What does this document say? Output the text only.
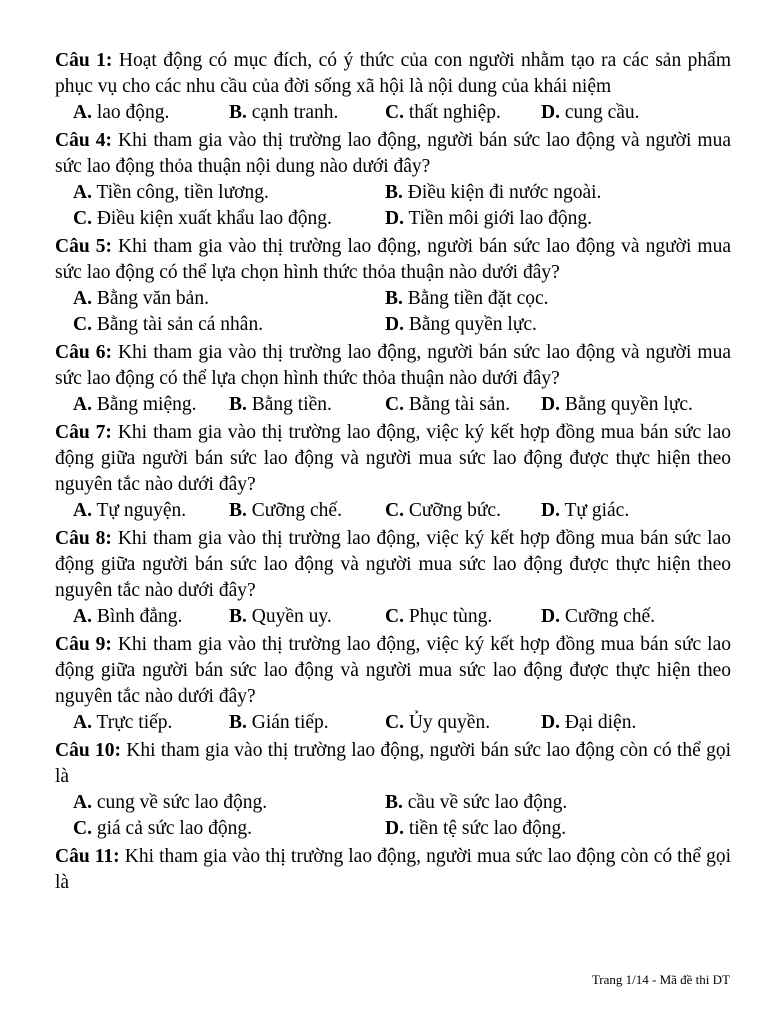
Câu 1: Hoạt động có mục đích, có ý thức của con người nhằm tạo ra các sản phẩm phục vụ cho các nhu cầu của đời sống xã hội là nội dung của khái niệm
A. lao động.	B. cạnh tranh.	C. thất nghiệp.	D. cung cầu.
Câu 4: Khi tham gia vào thị trường lao động, người bán sức lao động và người mua sức lao động thỏa thuận nội dung nào dưới đây?
A. Tiền công, tiền lương.	B. Điều kiện đi nước ngoài.
C. Điều kiện xuất khẩu lao động.	D. Tiền môi giới lao động.
Câu 5: Khi tham gia vào thị trường lao động, người bán sức lao động và người mua sức lao động có thể lựa chọn hình thức thỏa thuận nào dưới đây?
A. Bằng văn bản.	B. Bằng tiền đặt cọc.
C. Bằng tài sản cá nhân.	D. Bằng quyền lực.
Câu 6: Khi tham gia vào thị trường lao động, người bán sức lao động và người mua sức lao động có thể lựa chọn hình thức thỏa thuận nào dưới đây?
A. Bằng miệng.	B. Bằng tiền.	C. Bằng tài sản.	D. Bằng quyền lực.
Câu 7: Khi tham gia vào thị trường lao động, việc ký kết hợp đồng mua bán sức lao động giữa người bán sức lao động và người mua sức lao động được thực hiện theo nguyên tắc nào dưới đây?
A. Tự nguyện.	B. Cưỡng chế.	C. Cưỡng bức.	D. Tự giác.
Câu 8: Khi tham gia vào thị trường lao động, việc ký kết hợp đồng mua bán sức lao động giữa người bán sức lao động và người mua sức lao động được thực hiện theo nguyên tắc nào dưới đây?
A. Bình đẳng.	B. Quyền uy.	C. Phục tùng.	D. Cưỡng chế.
Câu 9: Khi tham gia vào thị trường lao động, việc ký kết hợp đồng mua bán sức lao động giữa người bán sức lao động và người mua sức lao động được thực hiện theo nguyên tắc nào dưới đây?
A. Trực tiếp.	B. Gián tiếp.	C. Ủy quyền.	D. Đại diện.
Câu 10: Khi tham gia vào thị trường lao động, người bán sức lao động còn có thể gọi là
A. cung về sức lao động.	B. cầu về sức lao động.
C. giá cả sức lao động.	D. tiền tệ sức lao động.
Câu 11: Khi tham gia vào thị trường lao động, người mua sức lao động còn có thể gọi là
Trang 1/14 - Mã đề thi DT
